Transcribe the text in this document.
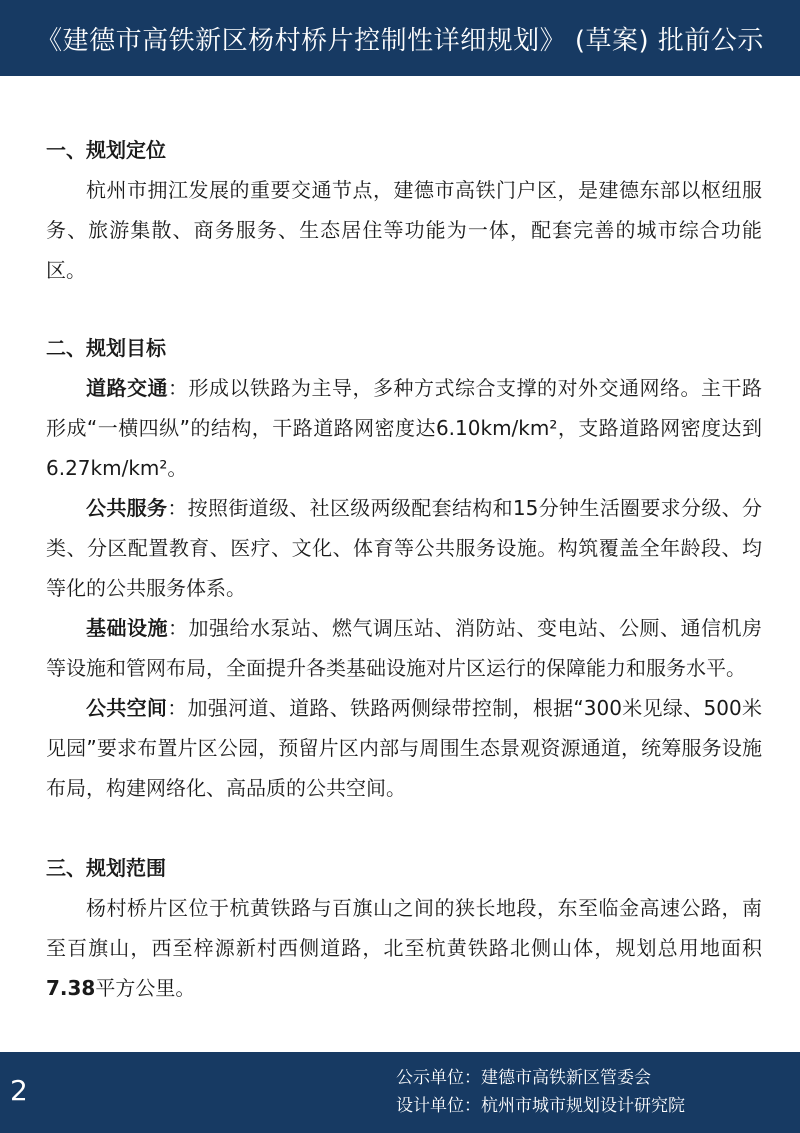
《建德市高铁新区杨村桥片控制性详细规划》 (草案) 批前公示

一、规划定位

杭州市拥江发展的重要交通节点，建德市高铁门户区，是建德东部以枢纽服务、旅游集散、商务服务、生态居住等功能为一体，配套完善的城市综合功能区。

二、规划目标

道路交通：形成以铁路为主导，多种方式综合支撑的对外交通网络。主干路形成“一横四纵”的结构，干路道路网密度达6.10km/km²，支路道路网密度达到6.27km/km²。

公共服务：按照街道级、社区级两级配套结构和15分钟生活圈要求分级、分类、分区配置教育、医疗、文化、体育等公共服务设施。构筑覆盖全年龄段、均等化的公共服务体系。

基础设施：加强给水泵站、燃气调压站、消防站、变电站、公厕、通信机房等设施和管网布局，全面提升各类基础设施对片区运行的保障能力和服务水平。

公共空间：加强河道、道路、铁路两侧绿带控制，根据“300米见绿、500米见园”要求布置片区公园，预留片区内部与周围生态景观资源通道，统筹服务设施布局，构建网络化、高品质的公共空间。

三、规划范围

杨村桥片区位于杭黄铁路与百旗山之间的狭长地段，东至临金高速公路，南至百旗山，西至梓源新村西侧道路，北至杭黄铁路北侧山体，规划总用地面积7.38平方公里。

2	公示单位：建德市高铁新区管委会
设计单位：杭州市城市规划设计研究院
